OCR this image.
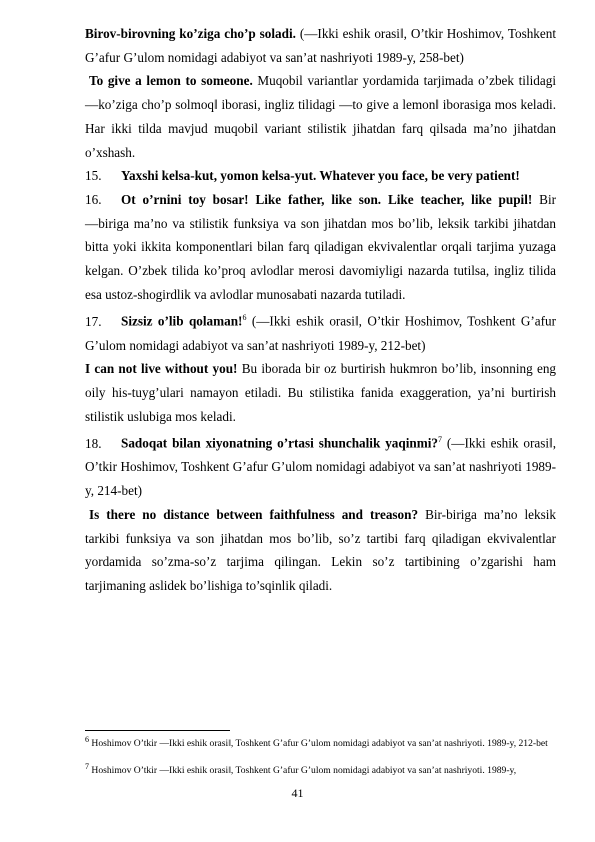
Birov-birovning ko’ziga cho’p soladi. (―Ikki eshik orasi‖, O’tkir Hoshimov, Toshkent G’afur G’ulom nomidagi adabiyot va san’at nashriyoti 1989-y, 258-bet)

To give a lemon to someone. Muqobil variantlar yordamida tarjimada o’zbek tilidagi ―ko’ziga cho’p solmoq‖ iborasi, ingliz tilidagi ―to give a lemon‖ iborasiga mos keladi. Har ikki tilda mavjud muqobil variant stilistik jihatdan farq qilsada ma’no jihatdan o’xshash.

15. Yaxshi kelsa-kut, yomon kelsa-yut. Whatever you face, be very patient!

16. Ot o’rnini toy bosar! Like father, like son. Like teacher, like pupil! Bir ―biriga ma’no va stilistik funksiya va son jihatdan mos bo’lib, leksik tarkibi jihatdan bitta yoki ikkita komponentlari bilan farq qiladigan ekvivalentlar orqali tarjima yuzaga kelgan. O’zbek tilida ko’proq avlodlar merosi davomiyligi nazarda tutilsa, ingliz tilida esa ustoz-shogirdlik va avlodlar munosabati nazarda tutiladi.

17. Sizsiz o’lib qolaman!$^6$ (―Ikki eshik orasi‖, O’tkir Hoshimov, Toshkent G’afur G’ulom nomidagi adabiyot va san’at nashriyoti 1989-y, 212-bet)

I can not live without you! Bu iborada bir oz burtirish hukmron bo’lib, insonning eng oily his-tuyg’ulari namayon etiladi. Bu stilistika fanida exaggeration, ya’ni burtirish stilistik uslubiga mos keladi.

18. Sadoqat bilan xiyonatning o’rtasi shunchalik yaqinmi?$^7$ (―Ikki eshik orasi‖, O’tkir Hoshimov, Toshkent G’afur G’ulom nomidagi adabiyot va san’at nashriyoti 1989-y, 214-bet)

Is there no distance between faithfulness and treason? Bir-biriga ma’no leksik tarkibi funksiya va son jihatdan mos bo’lib, so’z tartibi farq qiladigan ekvivalentlar yordamida so’zma-so’z tarjima qilingan. Lekin so’z tartibining o’zgarishi ham tarjimaning aslidek bo’lishiga to’sqinlik qiladi.

$^6$ Hoshimov O’tkir ―Ikki eshik orasi‖, Toshkent G’afur G’ulom nomidagi adabiyot va san’at nashriyoti. 1989-y, 212-bet
$^7$ Hoshimov O’tkir ―Ikki eshik orasi‖, Toshkent G’afur G’ulom nomidagi adabiyot va san’at nashriyoti. 1989-y,
41
